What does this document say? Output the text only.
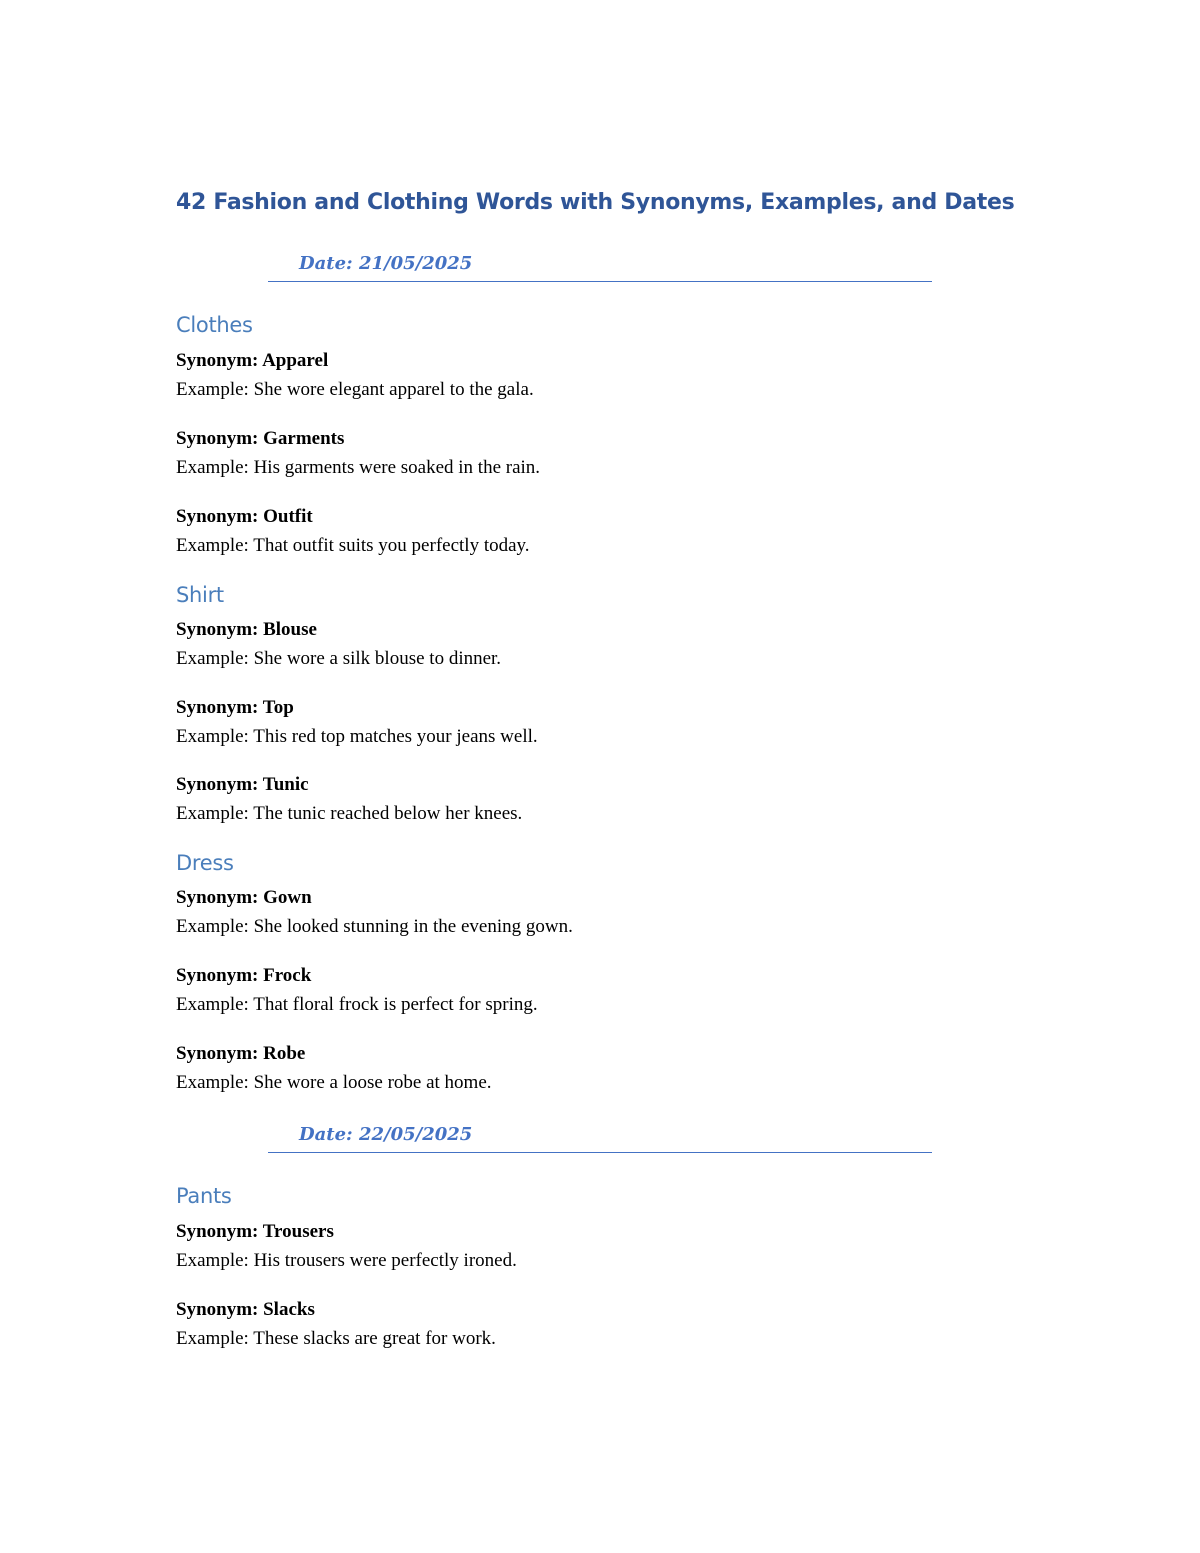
42 Fashion and Clothing Words with Synonyms, Examples, and Dates
Date: 21/05/2025
Clothes
Synonym: Apparel
Example: She wore elegant apparel to the gala.
Synonym: Garments
Example: His garments were soaked in the rain.
Synonym: Outfit
Example: That outfit suits you perfectly today.
Shirt
Synonym: Blouse
Example: She wore a silk blouse to dinner.
Synonym: Top
Example: This red top matches your jeans well.
Synonym: Tunic
Example: The tunic reached below her knees.
Dress
Synonym: Gown
Example: She looked stunning in the evening gown.
Synonym: Frock
Example: That floral frock is perfect for spring.
Synonym: Robe
Example: She wore a loose robe at home.
Date: 22/05/2025
Pants
Synonym: Trousers
Example: His trousers were perfectly ironed.
Synonym: Slacks
Example: These slacks are great for work.
